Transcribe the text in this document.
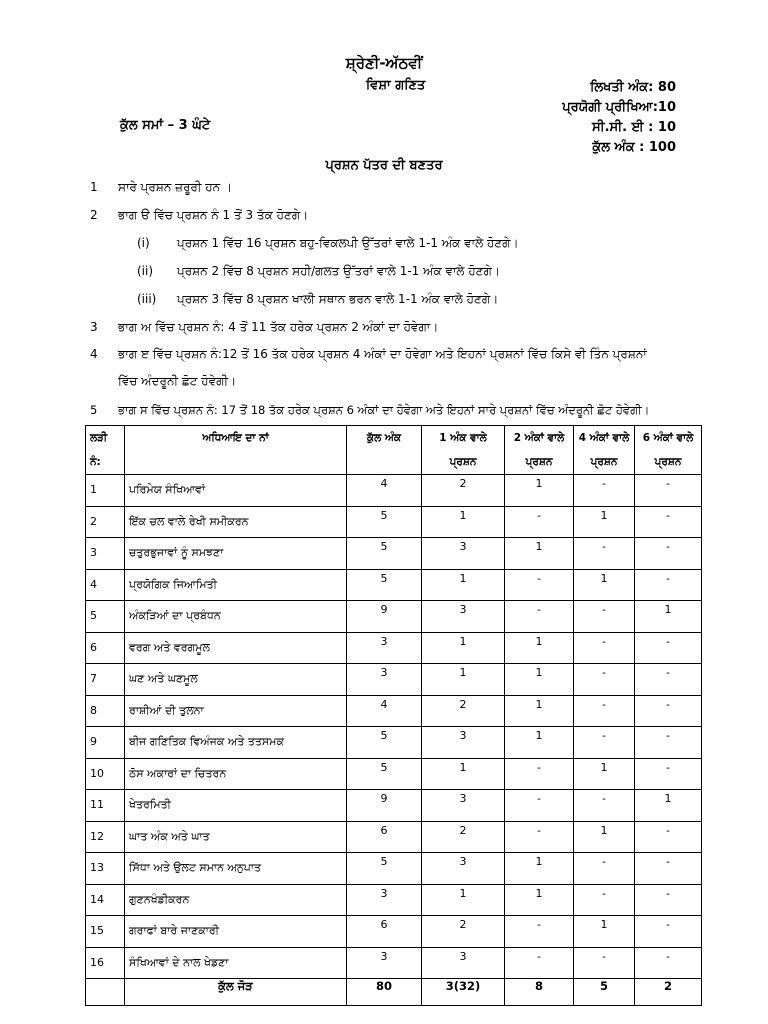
ਸ਼੍ਰੇਣੀ-ਅੱਠਵੀਂ
ਵਿਸ਼ਾ ਗਣਿਤ
ਕੁੱਲ ਸਮਾਂ – 3 ਘੰਟੇ
ਲਿਖਤੀ ਅੰਕ: 80
ਪ੍ਰਯੋਗੀ ਪ੍ਰੀਖਿਆ:10
ਸੀ.ਸੀ. ਈ : 10
ਕੁੱਲ ਅੰਕ : 100
ਪ੍ਰਸ਼ਨ ਪੱਤਰ ਦੀ ਬਣਤਰ
1 ਸਾਰੇ ਪ੍ਰਸ਼ਨ ਜ਼ਰੂਰੀ ਹਨ ।
2 ਭਾਗ ੳ ਵਿੱਚ ਪ੍ਰਸ਼ਨ ਨੰ 1 ਤੋਂ 3 ਤੱਕ ਹੋਣਗੇ।
(i) ਪ੍ਰਸ਼ਨ 1 ਵਿੱਚ 16 ਪ੍ਰਸ਼ਨ ਬਹੁ-ਵਿਕਲਪੀ ਉੱਤਰਾਂ ਵਾਲੇ 1-1 ਅੰਕ ਵਾਲੇ ਹੋਣਗੇ।
(ii) ਪ੍ਰਸ਼ਨ 2 ਵਿੱਚ 8 ਪ੍ਰਸ਼ਨ ਸਹੀ/ਗਲਤ ਉੱਤਰਾਂ ਵਾਲੇ 1-1 ਅੰਕ ਵਾਲੇ ਹੋਣਗੇ।
(iii) ਪ੍ਰਸ਼ਨ 3 ਵਿੱਚ 8 ਪ੍ਰਸ਼ਨ ਖਾਲੀ ਸਥਾਨ ਭਰਨ ਵਾਲੇ 1-1 ਅੰਕ ਵਾਲੇ ਹੋਣਗੇ।
3 ਭਾਗ ਅ ਵਿੱਚ ਪ੍ਰਸ਼ਨ ਨੰ: 4 ਤੋਂ 11 ਤੱਕ ਹਰੇਕ ਪ੍ਰਸ਼ਨ 2 ਅੰਕਾਂ ਦਾ ਹੋਵੇਗਾ।
4 ਭਾਗ ੲ ਵਿੱਚ ਪ੍ਰਸ਼ਨ ਨੰ:12 ਤੋਂ 16 ਤੱਕ ਹਰੇਕ ਪ੍ਰਸ਼ਨ 4 ਅੰਕਾਂ ਦਾ ਹੋਵੇਗਾ ਅਤੇ ਇਹਨਾਂ ਪ੍ਰਸ਼ਨਾਂ ਵਿੱਚ ਕਿਸੇ ਵੀ ਤਿੰਨ ਪ੍ਰਸ਼ਨਾਂ
ਵਿੱਚ ਅੰਦਰੂਨੀ ਛੋਟ ਹੋਵੇਗੀ।
5 ਭਾਗ ਸ ਵਿੱਚ ਪ੍ਰਸ਼ਨ ਨੰ: 17 ਤੋਂ 18 ਤੱਕ ਹਰੇਕ ਪ੍ਰਸ਼ਨ 6 ਅੰਕਾਂ ਦਾ ਹੋਵੇਗਾ ਅਤੇ ਇਹਨਾਂ ਸਾਰੇ ਪ੍ਰਸ਼ਨਾਂ ਵਿੱਚ ਅੰਦਰੂਨੀ ਛੋਟ ਹੋਵੇਗੀ।
ਲੜੀ ਨੰ:	ਅਧਿਆਇ ਦਾ ਨਾਂ	ਕੁੱਲ ਅੰਕ	1 ਅੰਕ ਵਾਲੇ ਪ੍ਰਸ਼ਨ	2 ਅੰਕਾਂ ਵਾਲੇ ਪ੍ਰਸ਼ਨ	4 ਅੰਕਾਂ ਵਾਲੇ ਪ੍ਰਸ਼ਨ	6 ਅੰਕਾਂ ਵਾਲੇ ਪ੍ਰਸ਼ਨ
1	ਪਰਿਮੇਯ ਸੰਖਿਆਵਾਂ	4	2	1	-	-
2	ਇੱਕ ਚਲ ਵਾਲੇ ਰੇਖੀ ਸਮੀਕਰਨ	5	1	-	1	-
3	ਚਤੁਰਭੁਜਾਵਾਂ ਨੂੰ ਸਮਝਣਾ	5	3	1	-	-
4	ਪ੍ਰਯੋਗਿਕ ਜਿਆਮਿਤੀ	5	1	-	1	-
5	ਅੰਕੜਿਆਂ ਦਾ ਪ੍ਰਬੰਧਨ	9	3	-	-	1
6	ਵਰਗ ਅਤੇ ਵਰਗਮੂਲ	3	1	1	-	-
7	ਘਣ ਅਤੇ ਘਣਮੂਲ	3	1	1	-	-
8	ਰਾਸ਼ੀਆਂ ਦੀ ਤੁਲਨਾ	4	2	1	-	-
9	ਬੀਜ ਗਣਿਤਿਕ ਵਿਅੰਜਕ ਅਤੇ ਤਤਸਮਕ	5	3	1	-	-
10	ਠੋਸ ਅਕਾਰਾਂ ਦਾ ਚਿਤਰਨ	5	1	-	1	-
11	ਖੇਤਰਮਿਤੀ	9	3	-	-	1
12	ਘਾਤ ਅੰਕ ਅਤੇ ਘਾਤ	6	2	-	1	-
13	ਸਿੱਧਾ ਅਤੇ ਉਲਟ ਸਮਾਨ ਅਨੁਪਾਤ	5	3	1	-	-
14	ਗੁਣਨਖੰਡੀਕਰਨ	3	1	1	-	-
15	ਗਰਾਫਾਂ ਬਾਰੇ ਜਾਣਕਾਰੀ	6	2	-	1	-
16	ਸੰਖਿਆਵਾਂ ਦੇ ਨਾਲ ਖੇਡਣਾ	3	3	-	-	-
	ਕੁੱਲ ਜੋੜ	80	3(32)	8	5	2
